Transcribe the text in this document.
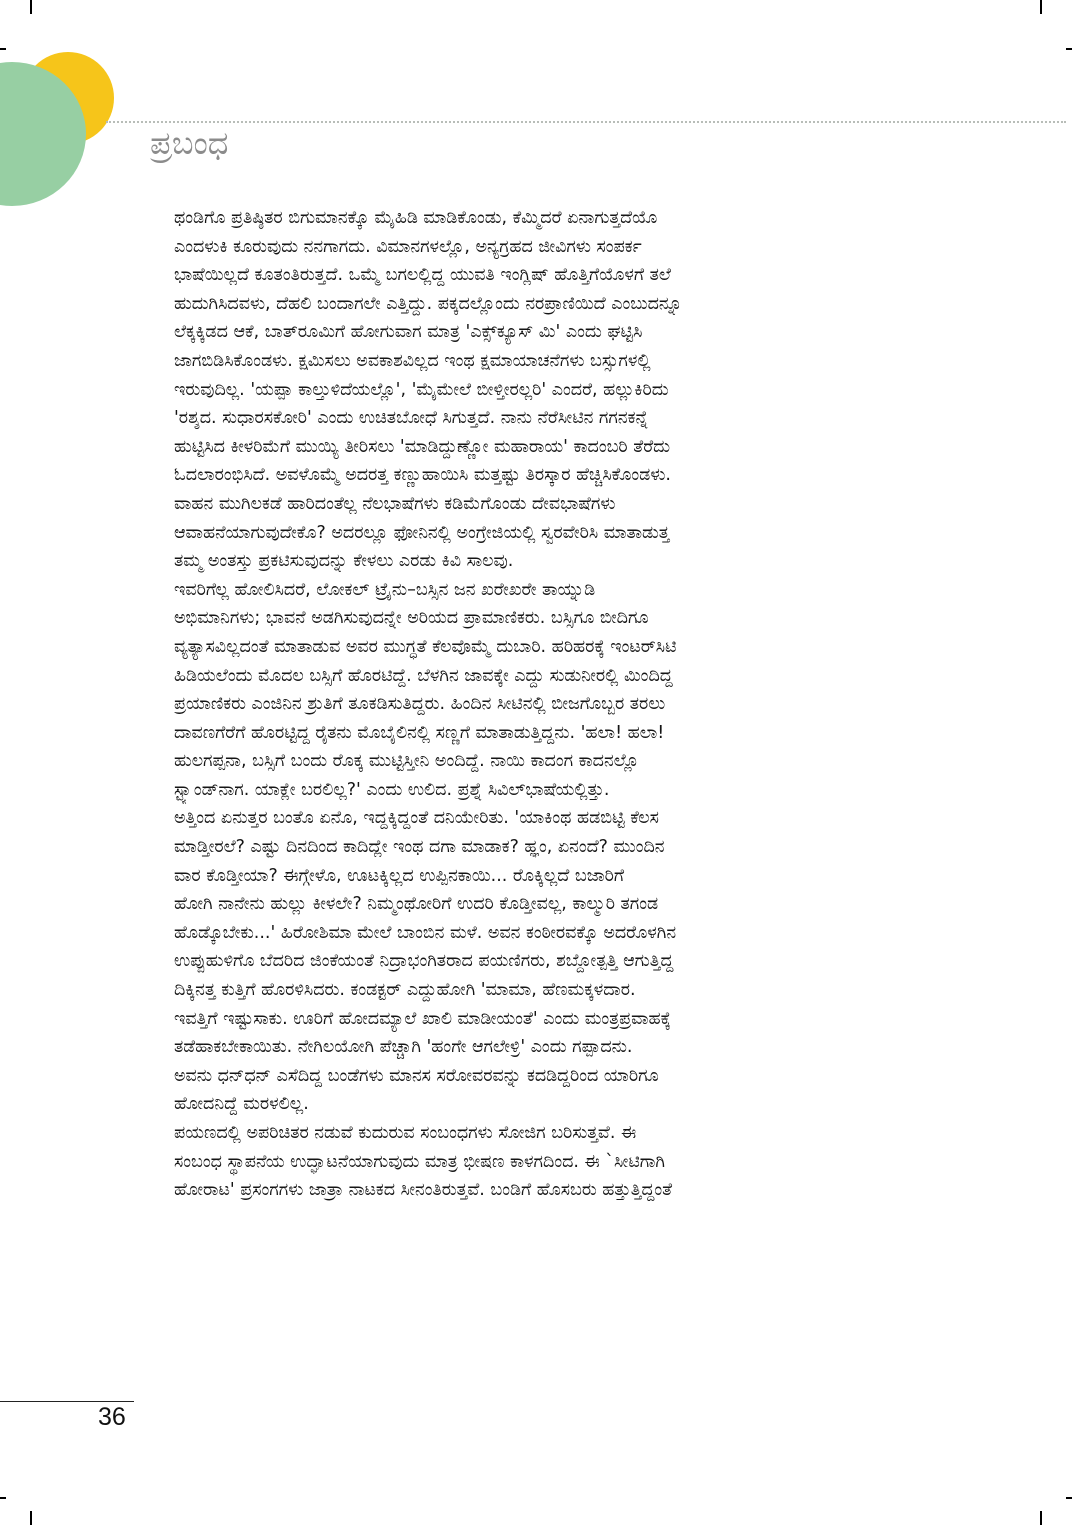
ಪ್ರಬಂಧ
ಥಂಡಿಗೊ ಪ್ರತಿಷ್ಠಿತರ ಬಿಗುಮಾನಕ್ಕೊ ಮೈಹಿಡಿ ಮಾಡಿಕೊಂಡು, ಕೆಮ್ಮಿದರೆ ಏನಾಗುತ್ತದೆಯೊ
ಎಂದಳುಕಿ ಕೂರುವುದು ನನಗಾಗದು. ವಿಮಾನಗಳಲ್ಲೊ, ಅನ್ಯಗ್ರಹದ ಜೀವಿಗಳು ಸಂಪರ್ಕ
ಭಾಷೆಯಿಲ್ಲದೆ ಕೂತಂತಿರುತ್ತದೆ. ಒಮ್ಮೆ ಬಗಲಲ್ಲಿದ್ದ ಯುವತಿ ಇಂಗ್ಲಿಷ್ ಹೊತ್ತಿಗೆಯೊಳಗೆ ತಲೆ
ಹುದುಗಿಸಿದವಳು, ದೆಹಲಿ ಬಂದಾಗಲೇ ಎತ್ತಿದ್ದು. ಪಕ್ಕದಲ್ಲೊಂದು ನರಪ್ರಾಣಿಯಿದೆ ಎಂಬುದನ್ನೂ
ಲೆಕ್ಕಕ್ಕಿಡದ ಆಕೆ, ಬಾತ್‌ರೂಮಿಗೆ ಹೋಗುವಾಗ ಮಾತ್ರ 'ಎಕ್ಸ್‌ಕ್ಯೂಸ್ ಮಿ' ಎಂದು ಘಟ್ಟಿಸಿ
ಜಾಗಬಿಡಿಸಿಕೊಂಡಳು. ಕ್ಷಮಿಸಲು ಅವಕಾಶವಿಲ್ಲದ ಇಂಥ ಕ್ಷಮಾಯಾಚನೆಗಳು ಬಸ್ಸುಗಳಲ್ಲಿ
ಇರುವುದಿಲ್ಲ. 'ಯಪ್ಪಾ ಕಾಲ್ತುಳಿದೆಯಲ್ಲೊ', 'ಮೈಮೇಲೆ ಬೀಳ್ತೀರಲ್ಲರಿ' ಎಂದರೆ, ಹಲ್ಲುಕಿರಿದು
'ರಶ್ಶದ. ಸುಧಾರಸಕೋರಿ' ಎಂದು ಉಚಿತಬೋಧೆ ಸಿಗುತ್ತದೆ. ನಾನು ನೆರೆಸೀಟಿನ ಗಗನಕನ್ನೆ
ಹುಟ್ಟಿಸಿದ ಕೀಳರಿಮೆಗೆ ಮುಯ್ಯಿ ತೀರಿಸಲು 'ಮಾಡಿದ್ದುಣ್ಣೋ ಮಹಾರಾಯ' ಕಾದಂಬರಿ ತೆರೆದು
ಓದಲಾರಂಭಿಸಿದೆ. ಅವಳೊಮ್ಮೆ ಅದರತ್ತ ಕಣ್ಣುಹಾಯಿಸಿ ಮತ್ತಷ್ಟು ತಿರಸ್ಕಾರ ಹೆಚ್ಚಿಸಿಕೊಂಡಳು.
ವಾಹನ ಮುಗಿಲಕಡೆ ಹಾರಿದಂತೆಲ್ಲ ನೆಲಭಾಷೆಗಳು ಕಡಿಮೆಗೊಂಡು ದೇವಭಾಷೆಗಳು
ಆವಾಹನೆಯಾಗುವುದೇಕೊ? ಅದರಲ್ಲೂ ಫೋನಿನಲ್ಲಿ ಅಂಗ್ರೇಜಿಯಲ್ಲಿ ಸ್ವರವೇರಿಸಿ ಮಾತಾಡುತ್ತ
ತಮ್ಮ ಅಂತಸ್ತು ಪ್ರಕಟಿಸುವುದನ್ನು ಕೇಳಲು ಎರಡು ಕಿವಿ ಸಾಲವು.
ಇವರಿಗೆಲ್ಲ ಹೋಲಿಸಿದರೆ, ಲೋಕಲ್ ಟ್ರೈನು–ಬಸ್ಸಿನ ಜನ ಖರೇಖರೇ ತಾಯ್ನುಡಿ
ಅಭಿಮಾನಿಗಳು; ಭಾವನೆ ಅಡಗಿಸುವುದನ್ನೇ ಅರಿಯದ ಪ್ರಾಮಾಣಿಕರು. ಬಸ್ಸಿಗೂ ಬೀದಿಗೂ
ವ್ಯತ್ಯಾಸವಿಲ್ಲದಂತೆ ಮಾತಾಡುವ ಅವರ ಮುಗ್ಧತೆ ಕೆಲವೊಮ್ಮೆ ದುಬಾರಿ. ಹರಿಹರಕ್ಕೆ ಇಂಟರ್‌ಸಿಟಿ
ಹಿಡಿಯಲೆಂದು ಮೊದಲ ಬಸ್ಸಿಗೆ ಹೊರಟಿದ್ದೆ. ಬೆಳಗಿನ ಜಾವಕ್ಕೇ ಎದ್ದು ಸುಡುನೀರಲ್ಲಿ ಮಿಂದಿದ್ದ
ಪ್ರಯಾಣಿಕರು ಎಂಜಿನಿನ ಶ್ರುತಿಗೆ ತೂಕಡಿಸುತಿದ್ದರು. ಹಿಂದಿನ ಸೀಟಿನಲ್ಲಿ ಬೀಜಗೊಬ್ಬರ ತರಲು
ದಾವಣಗೆರೆಗೆ ಹೊರಟ್ಟಿದ್ದ ರೈತನು ಮೊಬೈಲಿನಲ್ಲಿ ಸಣ್ಣಗೆ ಮಾತಾಡುತ್ತಿದ್ದನು. 'ಹಲಾ! ಹಲಾ!
ಹುಲಗಪ್ಪನಾ, ಬಸ್ಸಿಗೆ ಬಂದು ರೊಕ್ಕ ಮುಟ್ಟಿಸ್ತೀನಿ ಅಂದಿದ್ದೆ. ನಾಯಿ ಕಾದಂಗ ಕಾದನಲ್ಲೊ
ಸ್ಟ್ಯಾಂಡ್‌ನಾಗ. ಯಾಕ್ಲೇ ಬರಲಿಲ್ಲ?' ಎಂದು ಉಲಿದ. ಪ್ರಶ್ನೆ ಸಿವಿಲ್‌ಭಾಷೆಯಲ್ಲಿತ್ತು.
ಅತ್ತಿಂದ ಏನುತ್ತರ ಬಂತೊ ಏನೊ, ಇದ್ದಕ್ಕಿದ್ದಂತೆ ದನಿಯೇರಿತು. 'ಯಾಕಿಂಥ ಹಡಬಿಟ್ಟಿ ಕೆಲಸ
ಮಾಡ್ತೀರಲೆ? ಎಷ್ಟು ದಿನದಿಂದ ಕಾದಿದ್ಲೇ ಇಂಥ ದಗಾ ಮಾಡಾಕ? ಹ್ಞಂ, ಏನಂದೆ? ಮುಂದಿನ
ವಾರ ಕೊಡ್ತೀಯಾ? ಈಗ್ಗೇಳೊ, ಊಟಕ್ಕಿಲ್ಲದ ಉಪ್ಪಿನಕಾಯಿ... ರೊಕ್ಕಿಲ್ಲದೆ ಬಜಾರಿಗೆ
ಹೋಗಿ ನಾನೇನು ಹುಲ್ಲು ಕೀಳಲೇ? ನಿಮ್ಮಂಥೋರಿಗೆ ಉದರಿ ಕೊಡ್ತೀವಲ್ಲ, ಕಾಲ್ಮುರಿ ತಗಂಡ
ಹೊಡ್ಕೊಬೇಕು...' ಹಿರೋಶಿಮಾ ಮೇಲೆ ಬಾಂಬಿನ ಮಳೆ. ಅವನ ಕಂಠೀರವಕ್ಕೊ ಅದರೊಳಗಿನ
ಉಪ್ಪುಹುಳಿಗೊ ಬೆದರಿದ ಜಿಂಕೆಯಂತೆ ನಿದ್ರಾಭಂಗಿತರಾದ ಪಯಣಿಗರು, ಶಬ್ದೋತ್ಪತ್ತಿ ಆಗುತ್ತಿದ್ದ
ದಿಕ್ಕಿನತ್ತ ಕುತ್ತಿಗೆ ಹೊರಳಿಸಿದರು. ಕಂಡಕ್ಟರ್ ಎದ್ದುಹೋಗಿ 'ಮಾಮಾ, ಹೆಣಮಕ್ಕಳದಾರ.
ಇವತ್ತಿಗೆ ಇಷ್ಟುಸಾಕು. ಊರಿಗೆ ಹೋದಮ್ಯಾಲೆ ಖಾಲಿ ಮಾಡೀಯಂತೆ' ಎಂದು ಮಂತ್ರಪ್ರವಾಹಕ್ಕೆ
ತಡೆಹಾಕಬೇಕಾಯಿತು. ನೇಗಿಲಯೋಗಿ ಪೆಚ್ಚಾಗಿ 'ಹಂಗೇ ಆಗಲೇಳ್ರಿ' ಎಂದು ಗಪ್ಪಾದನು.
ಅವನು ಧನ್‌ಧನ್ ಎಸೆದಿದ್ದ ಬಂಡೆಗಳು ಮಾನಸ ಸರೋವರವನ್ನು ಕದಡಿದ್ದರಿಂದ ಯಾರಿಗೂ
ಹೋದನಿದ್ದೆ ಮರಳಲಿಲ್ಲ.
ಪಯಣದಲ್ಲಿ ಅಪರಿಚಿತರ ನಡುವೆ ಕುದುರುವ ಸಂಬಂಧಗಳು ಸೋಜಿಗ ಬರಿಸುತ್ತವೆ. ಈ
ಸಂಬಂಧ ಸ್ಥಾಪನೆಯ ಉದ್ಘಾಟನೆಯಾಗುವುದು ಮಾತ್ರ ಭೀಷಣ ಕಾಳಗದಿಂದ. ಈ `ಸೀಟಿಗಾಗಿ
ಹೋರಾಟ' ಪ್ರಸಂಗಗಳು ಜಾತ್ರಾ ನಾಟಕದ ಸೀನಂತಿರುತ್ತವೆ. ಬಂಡಿಗೆ ಹೊಸಬರು ಹತ್ತುತ್ತಿದ್ದಂತೆ
36
